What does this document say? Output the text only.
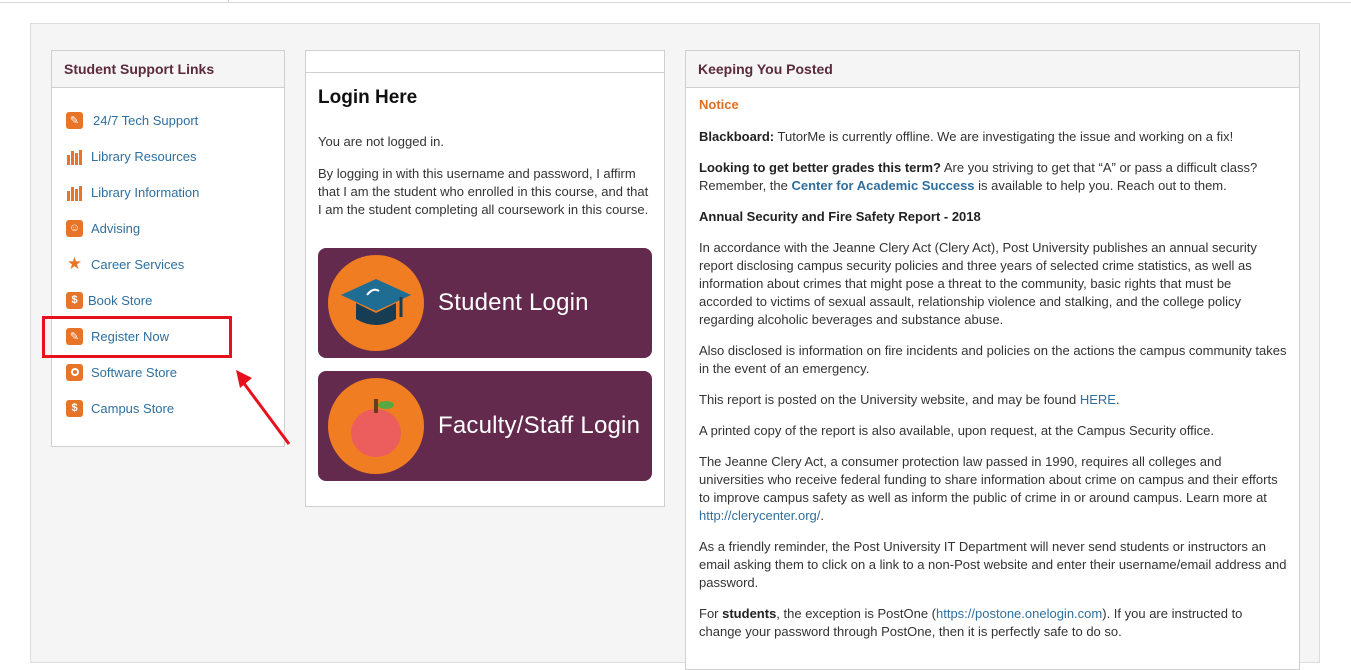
Student Support Links
✎ 24/7 Tech Support
Library Resources
Library Information
☺ Advising
★ Career Services
$ Book Store
✎ Register Now
Software Store
$	Campus Store
Login Here

You are not logged in.

By logging in with this username and password, I affirm that I am the student who enrolled in this course, and that I am the student completing all coursework in this course.

Student Login
Faculty/Staff Login
Keeping You Posted

Notice

Blackboard: TutorMe is currently offline. We are investigating the issue and working on a fix!

Looking to get better grades this term? Are you striving to get that “A” or pass a difficult class? Remember, the Center for Academic Success is available to help you. Reach out to them.

Annual Security and Fire Safety Report - 2018

In accordance with the Jeanne Clery Act (Clery Act), Post University publishes an annual security report disclosing campus security policies and three years of selected crime statistics, as well as information about crimes that might pose a threat to the community, basic rights that must be accorded to victims of sexual assault, relationship violence and stalking, and the college policy regarding alcoholic beverages and substance abuse.

Also disclosed is information on fire incidents and policies on the actions the campus community takes in the event of an emergency.

This report is posted on the University website, and may be found HERE.

A printed copy of the report is also available, upon request, at the Campus Security office.

The Jeanne Clery Act, a consumer protection law passed in 1990, requires all colleges and universities who receive federal funding to share information about crime on campus and their efforts to improve campus safety as well as inform the public of crime in or around campus. Learn more at http://clerycenter.org/.

As a friendly reminder, the Post University IT Department will never send students or instructors an email asking them to click on a link to a non-Post website and enter their username/email address and password.

For students, the exception is PostOne (https://postone.onelogin.com). If you are instructed to change your password through PostOne, then it is perfectly safe to do so.
